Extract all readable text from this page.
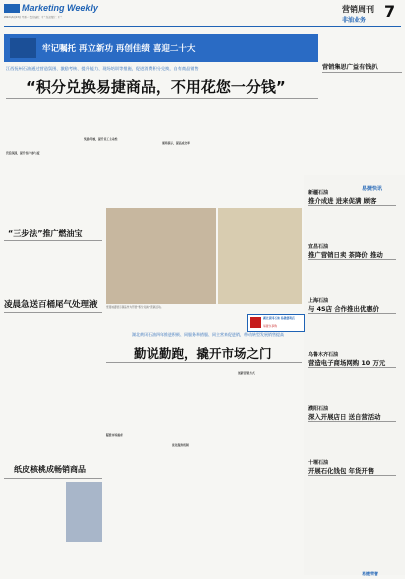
Marketing Weekly
2022年6月13日 星期一 责任编辑：王兰 版式设计：王兰
营销周刊
非油业务 7
牢记嘱托 再立新功 再创佳绩 喜迎二十大
江西抚州石油通过营造氛围、激励考核、提升能力、现场培训等措施，促进消费积分兑换，自有商品销售
“积分兑换易捷商品，不用花您一分钱”
营造氛围，提升客户参与度
奖励考核，提升员工主动性
现场演示，提高成交率
营销集思广益有钱扒
易捷快讯
新疆石油
推介成进 进来促满 顾客
宜昌石油
推广营销日卖 茶降价 推动
上海石油
与 4S店 合作推出优惠价
乌鲁木齐石油
营造电子商场网购 10 万元
濮阳石油
深入开展店日 送自营活动
十堰石油
开展石化钱包 年货开售
易捷荣誉
“三步法”推广燃油宝
凌晨急送百桶尾气处理液
纸皮核桃成畅销商品
雪茄诚诺展示商品作为开展“积分兑换”营销活动。
湖北黄冈石油 易捷便利店
易捷乐享购
湖北黄冈石油四年推进积极、同服务举措服、同主营来促进销，带动转型发展销售提高
勤说勤跑，撬开市场之门
瞄准市场需求
优化服务机制
创新营销方式
